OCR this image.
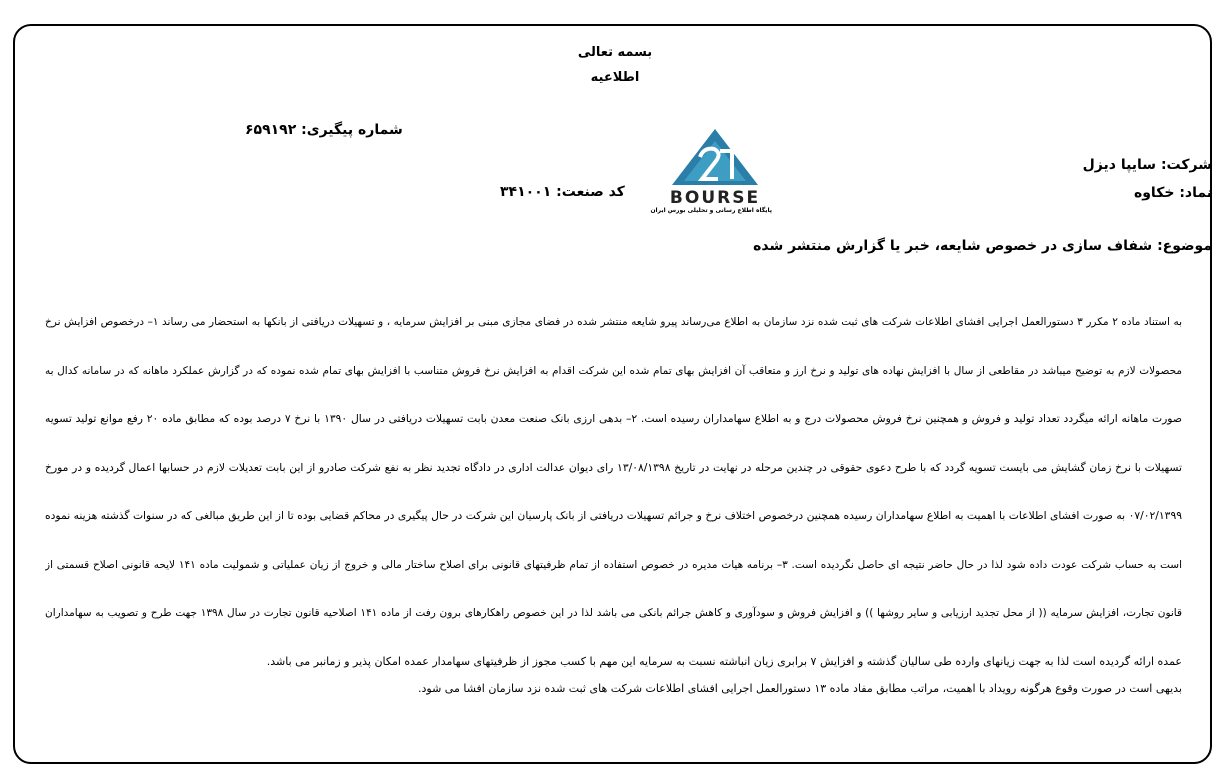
بسمه تعالی
اطلاعیه
شماره پیگیری: ۶۵۹۱۹۲
کد صنعت: ۳۴۱۰۰۱
شرکت: سایپا دیزل
نماد: خکاوه
موضوع: شفاف سازی در خصوص شایعه، خبر یا گزارش منتشر شده
BOURSE
پایگاه اطلاع رسانی و تحلیلی بورس ایران
به استناد ماده ۲ مکرر ۳ دستورالعمل اجرایی افشای اطلاعات شرکت های ثبت شده نزد سازمان به اطلاع می‌رساند پیرو شایعه منتشر شده در فضای مجازی مبنی بر افزایش سرمایه ، و تسهیلات دریافتی از بانکها به استحضار می رساند ۱– درخصوص افزایش نرخ
محصولات لازم به توضیح میباشد در مقاطعی از سال با افزایش نهاده های تولید و نرخ ارز و متعاقب آن افزایش بهای تمام شده این شرکت اقدام به افزایش نرخ فروش متناسب با افزایش بهای تمام شده نموده که در گزارش عملکرد ماهانه که در سامانه کدال به
صورت ماهانه ارائه میگردد تعداد تولید و فروش و همچنین نرخ فروش محصولات درج و به اطلاع سهامداران رسیده است. ۲– بدهی ارزی بانک صنعت معدن بابت تسهیلات دریافتی در سال ۱۳۹۰ با نرخ ۷ درصد بوده که مطابق ماده ۲۰ رفع موانع تولید تسویه
تسهیلات با نرخ زمان گشایش می بایست تسویه گردد که با طرح دعوی حقوقی در چندین مرحله در نهایت در تاریخ ۱۳/۰۸/۱۳۹۸ رای دیوان عدالت اداری در دادگاه تجدید نظر به نفع شرکت صادرو از این بابت تعدیلات لازم در حسابها اعمال گردیده و در مورخ
۰۷/۰۲/۱۳۹۹ به صورت افشای اطلاعات با اهمیت به اطلاع سهامداران رسیده همچنین درخصوص اختلاف نرخ و جرائم تسهیلات دریافتی از بانک پارسیان این شرکت در حال پیگیری در محاکم قضایی بوده تا از این طریق مبالغی که در سنوات گذشته هزینه نموده
است به حساب شرکت عودت داده شود لذا در حال حاضر نتیجه ای حاصل نگردیده است. ۳– برنامه هیات مدیره در خصوص استفاده از تمام ظرفیتهای قانونی برای اصلاح ساختار مالی و خروج از زیان عملیاتی و شمولیت ماده ۱۴۱ لایحه قانونی اصلاح قسمتی از
قانون تجارت، افزایش سرمایه (( از محل تجدید ارزیابی و سایر روشها )) و افزایش فروش و سودآوری و کاهش جرائم بانکی می باشد لذا در این خصوص راهکارهای برون رفت از ماده ۱۴۱ اصلاحیه قانون تجارت در سال ۱۳۹۸ جهت طرح و تصویب به سهامداران
عمده ارائه گردیده است لذا به جهت زیانهای وارده طی سالیان گذشته و افزایش ۷ برابری زیان انباشته نسبت به سرمایه این مهم با کسب مجوز از ظرفیتهای سهامدار عمده امکان پذیر و زمانبر می باشد.
بدیهی است در صورت وقوع هرگونه رویداد با اهمیت، مراتب مطابق مفاد ماده ۱۳ دستورالعمل اجرایی افشای اطلاعات شرکت های ثبت شده نزد سازمان افشا می شود.
